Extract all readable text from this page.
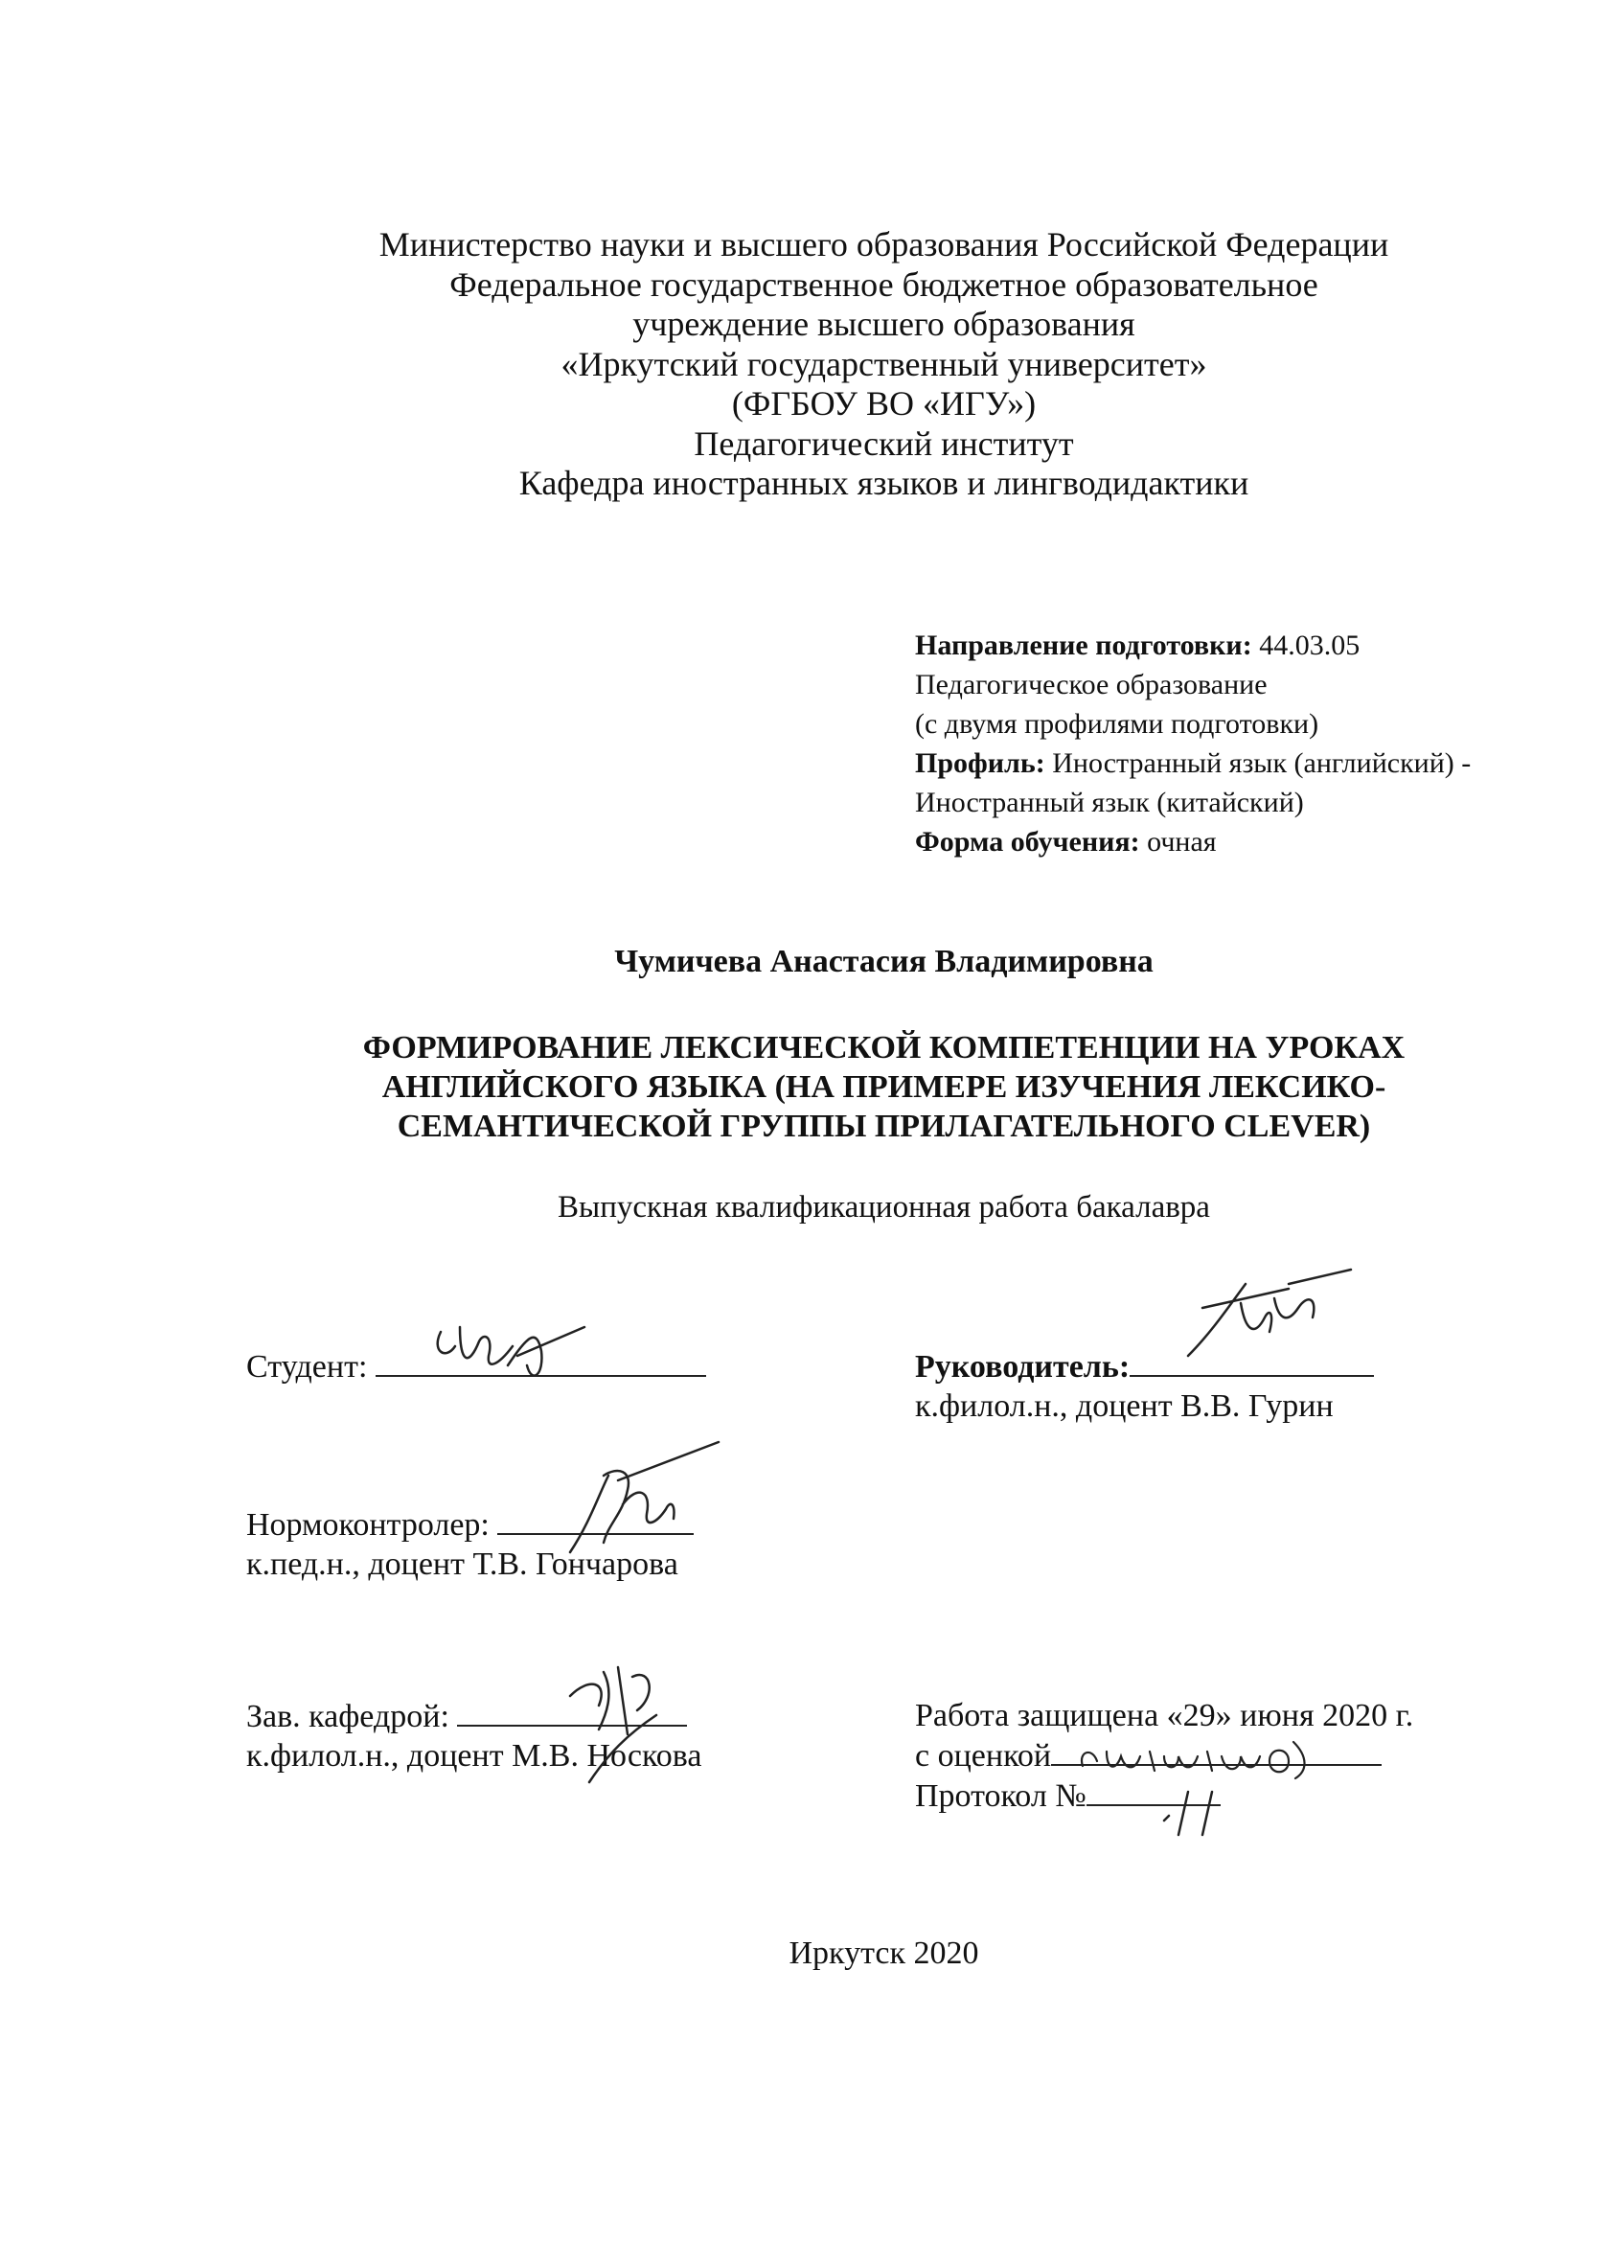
Министерство науки и высшего образования Российской Федерации
Федеральное государственное бюджетное образовательное
учреждение высшего образования
«Иркутский государственный университет»
(ФГБОУ ВО «ИГУ»)
Педагогический институт
Кафедра иностранных языков и лингводидактики
Направление подготовки: 44.03.05
Педагогическое образование
(с двумя профилями подготовки)
Профиль: Иностранный язык (английский) -
Иностранный язык (китайский)
Форма обучения: очная
Чумичева Анастасия Владимировна
ФОРМИРОВАНИЕ ЛЕКСИЧЕСКОЙ КОМПЕТЕНЦИИ НА УРОКАХ
АНГЛИЙСКОГО ЯЗЫКА (НА ПРИМЕРЕ ИЗУЧЕНИЯ ЛЕКСИКО-
СЕМАНТИЧЕСКОЙ ГРУППЫ ПРИЛАГАТЕЛЬНОГО CLEVER)
Выпускная квалификационная работа бакалавра
Студент:	Руководитель:
к.филол.н., доцент В.В. Гурин
Нормоконтролер:
к.пед.н., доцент Т.В. Гончарова
Зав. кафедрой:
к.филол.н., доцент М.В. Носкова
Работа защищена «29» июня 2020 г.
с оценкой
Протокол №
Иркутск 2020
